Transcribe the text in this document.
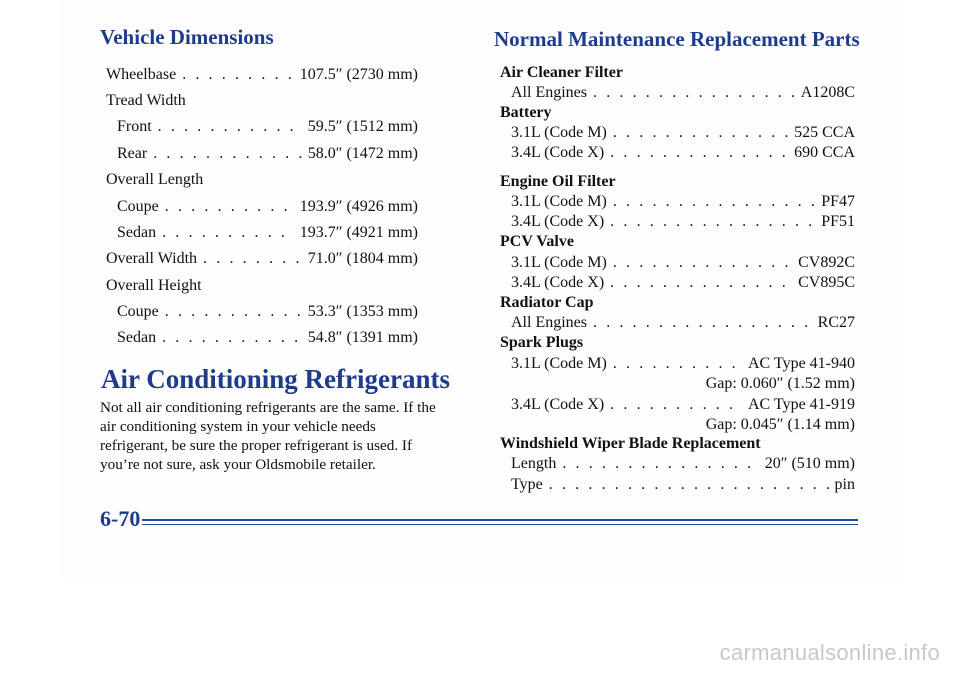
Vehicle Dimensions
Wheelbase . . .	107.5″ (2730 mm)
Tread Width
Front . . .	59.5″ (1512 mm)
Rear . . .	58.0″ (1472 mm)
Overall Length
Coupe . . .	193.9″ (4926 mm)
Sedan . . .	193.7″ (4921 mm)
Overall Width . . .	71.0″ (1804 mm)
Overall Height
Coupe . . .	53.3″ (1353 mm)
Sedan . . .	54.8″ (1391 mm)
Air Conditioning Refrigerants

Not all air conditioning refrigerants are the same. If the air conditioning system in your vehicle needs refrigerant, be sure the proper refrigerant is used. If you’re not sure, ask your Oldsmobile retailer.

Normal Maintenance Replacement Parts
Air Cleaner Filter
All Engines . . .	A1208C
Battery
3.1L (Code M) . . .	525 CCA
3.4L (Code X) . . .	690 CCA
Engine Oil Filter
3.1L (Code M) . . .	PF47
3.4L (Code X) . . .	PF51
PCV Valve
3.1L (Code M) . . .	CV892C
3.4L (Code X) . . .	CV895C
Radiator Cap
All Engines . . .	RC27
Spark Plugs
3.1L (Code M) . . .	AC Type 41-940
Gap: 0.060″ (1.52 mm)
3.4L (Code X) . . .	AC Type 41-919
Gap: 0.045″ (1.14 mm)
Windshield Wiper Blade Replacement
Length . . .	20″ (510 mm)
Type . . .	pin
6-70
carmanualsonline.info
